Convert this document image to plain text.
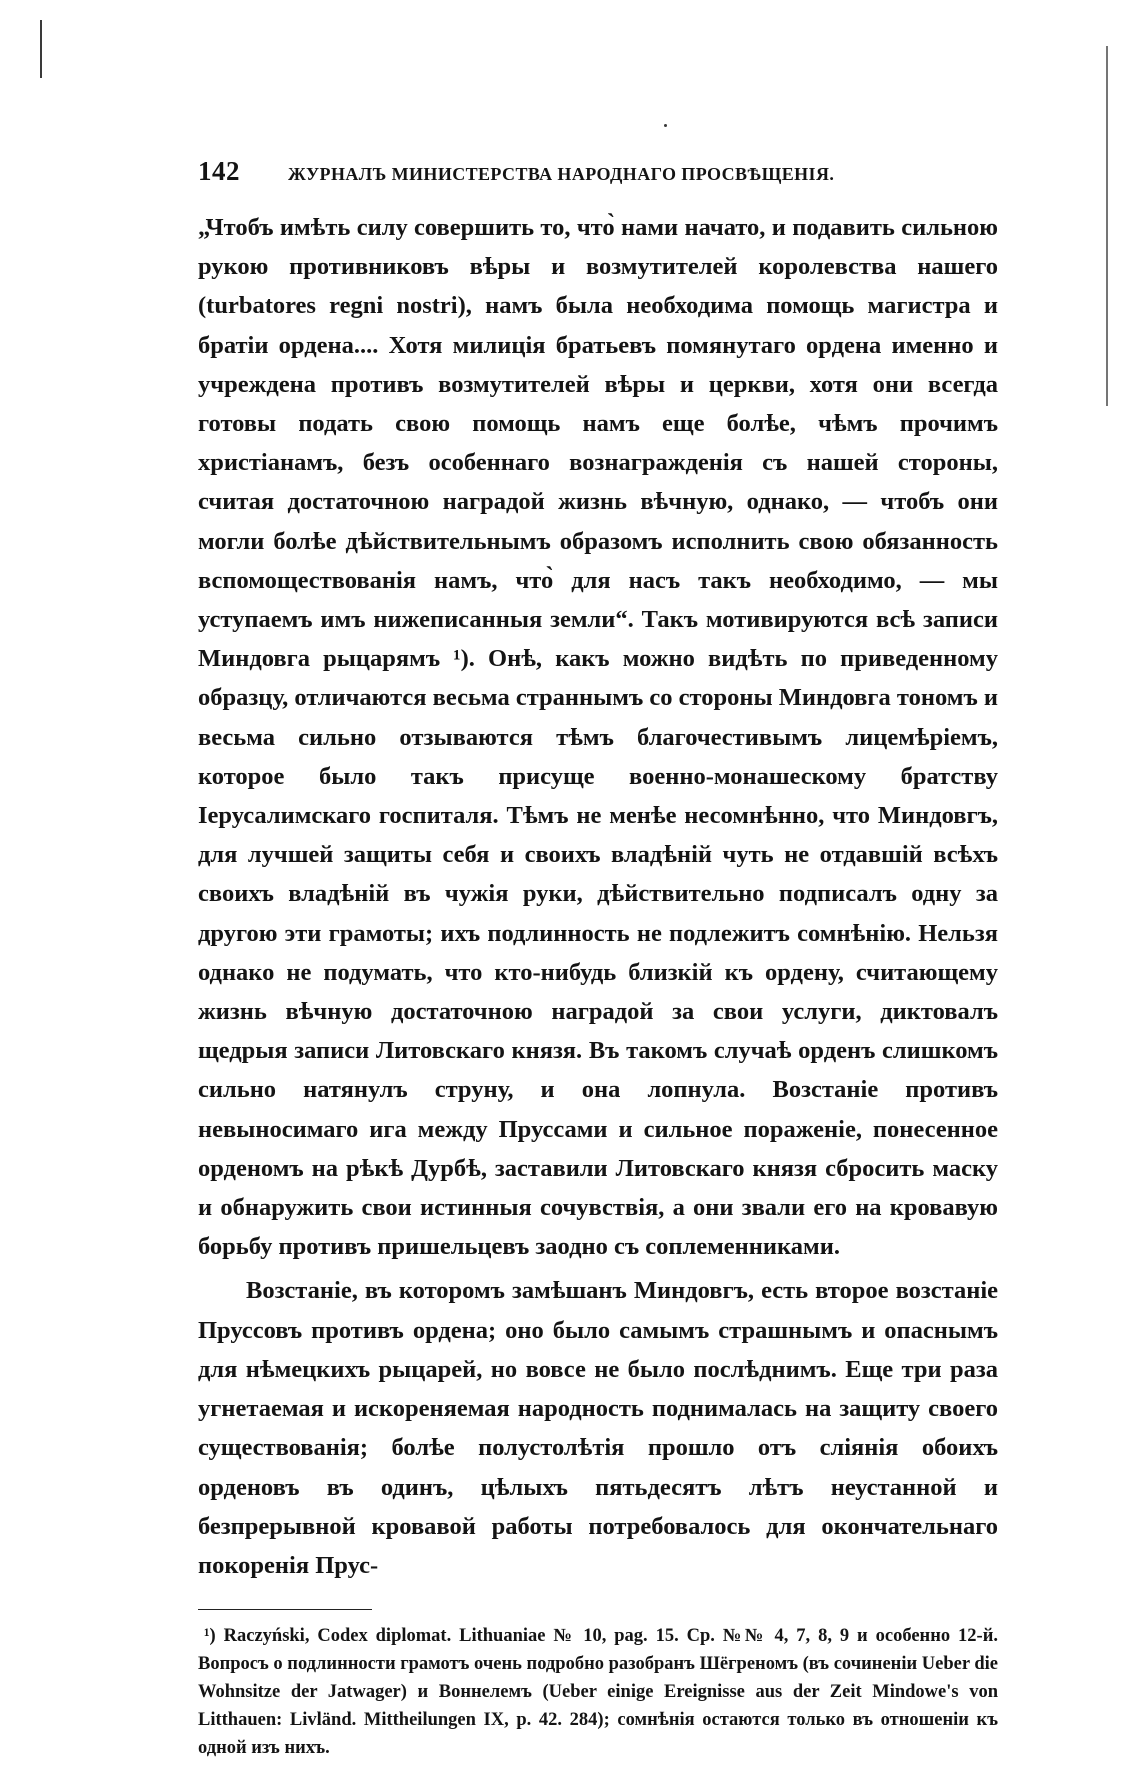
142	ЖУРНАЛЪ МИНИСТЕРСТВА НАРОДНАГО ПРОСВѢЩЕНІЯ.

„Чтобъ имѣть силу совершить то, что̀ нами начато, и подавить сильною рукою противниковъ вѣры и возмутителей королевства нашего (turbatores regni nostri), намъ была необходима помощь магистра и братіи ордена.... Хотя милиція братьевъ помянутаго ордена именно и учреждена противъ возмутителей вѣры и церкви, хотя они всегда готовы подать свою помощь намъ еще болѣе, чѣмъ прочимъ христіанамъ, безъ особеннаго вознагражденія съ нашей стороны, считая достаточною наградой жизнь вѣчную, однако, — чтобъ они могли болѣе дѣйствительнымъ образомъ исполнить свою обязанность вспомоществованія намъ, что̀ для насъ такъ необходимо, — мы уступаемъ имъ нижеписанныя земли“. Такъ мотивируются всѣ записи Миндовга рыцарямъ ¹). Онѣ, какъ можно видѣть по приведенному образцу, отличаются весьма страннымъ со стороны Миндовга тономъ и весьма сильно отзываются тѣмъ благочестивымъ лицемѣріемъ, которое было такъ присуще военно-монашескому братству Іерусалимскаго госпиталя. Тѣмъ не менѣе несомнѣнно, что Миндовгъ, для лучшей защиты себя и своихъ владѣній чуть не отдавшій всѣхъ своихъ владѣній въ чужія руки, дѣйствительно подписалъ одну за другою эти грамоты; ихъ подлинность не подлежитъ сомнѣнію. Нельзя однако не подумать, что кто-нибудь близкій къ ордену, считающему жизнь вѣчную достаточною наградой за свои услуги, диктовалъ щедрыя записи Литовскаго князя. Въ такомъ случаѣ орденъ слишкомъ сильно натянулъ струну, и она лопнула. Возстаніе противъ невыносимаго ига между Пруссами и сильное пораженіе, понесенное орденомъ на рѣкѣ Дурбѣ, заставили Литовскаго князя сбросить маску и обнаружить свои истинныя сочувствія, а они звали его на кровавую борьбу противъ пришельцевъ заодно съ соплеменниками.

Возстаніе, въ которомъ замѣшанъ Миндовгъ, есть второе возстаніе Пруссовъ противъ ордена; оно было самымъ страшнымъ и опаснымъ для нѣмецкихъ рыцарей, но вовсе не было послѣднимъ. Еще три раза угнетаемая и искореняемая народность поднималась на защиту своего существованія; болѣе полустолѣтія прошло отъ сліянія обоихъ орденовъ въ одинъ, цѣлыхъ пятьдесятъ лѣтъ неустанной и безпрерывной кровавой работы потребовалось для окончательнаго покоренія Прус-

¹) Raczyński, Codex diplomat. Lithuaniae № 10, pag. 15. Cp. №№ 4, 7, 8, 9 и особенно 12-й. Вопросъ о подлинности грамотъ очень подробно разобранъ Шёгреномъ (въ сочиненіи Ueber die Wohnsitze der Jatwager) и Воннелемъ (Ueber einige Ereignisse aus der Zeit Mindowe's von Litthauen: Livländ. Mittheilungen IX, p. 42. 284); сомнѣнія остаются только въ отношеніи къ одной изъ нихъ.
